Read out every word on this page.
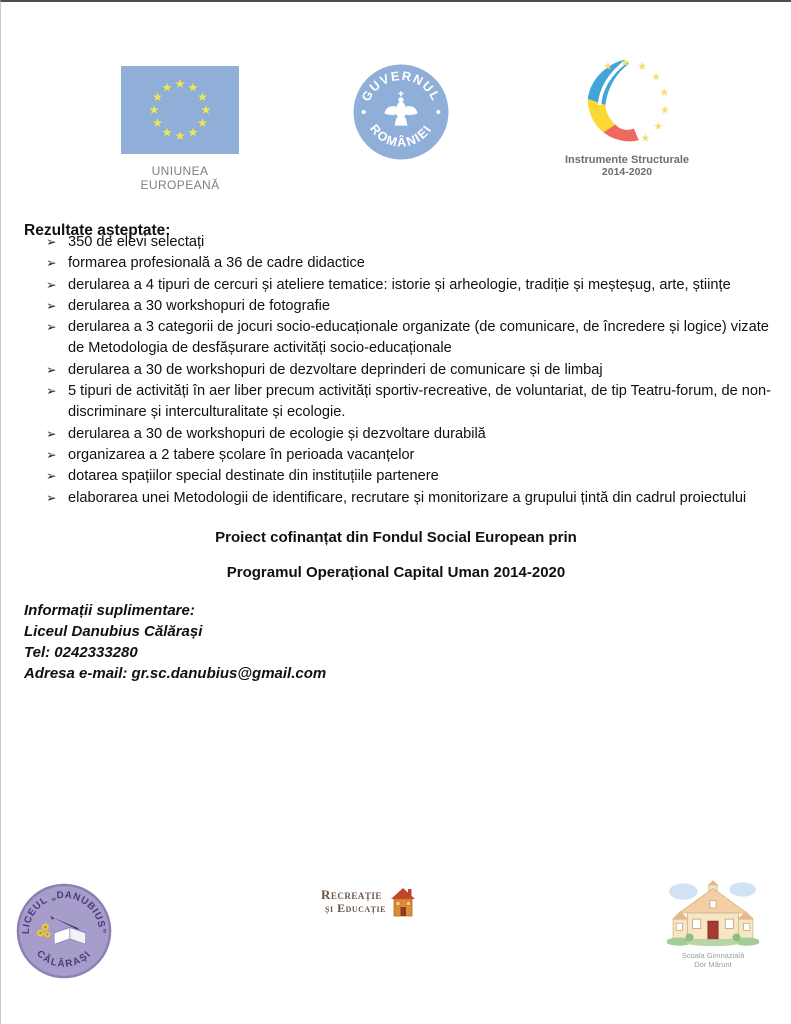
UNIUNEA EUROPEANĂ
GUVERNUL
ROMÂNIEI
Instrumente Structurale
2014-2020
Rezultate așteptate:
➢ 350 de elevi selectați
➢ formarea profesională a 36 de cadre didactice
➢ derularea a 4 tipuri de cercuri și ateliere tematice: istorie și arheologie, tradiție și meșteșug, arte, științe
➢ derularea a 30 workshopuri de fotografie
➢ derularea a 3 categorii de jocuri socio-educaționale organizate (de comunicare, de încredere și logice) vizate de Metodologia de desfășurare activități socio-educaționale
➢ derularea a 30 de workshopuri de dezvoltare deprinderi de comunicare și de limbaj
➢ 5 tipuri de activități în aer liber precum activități sportiv-recreative, de voluntariat, de tip Teatru-forum, de non-discriminare și interculturalitate și ecologie.
➢ derularea a 30 de workshopuri de ecologie și dezvoltare durabilă
➢ organizarea a 2 tabere școlare în perioada vacanțelor
➢ dotarea spațiilor special destinate din instituțiile partenere
➢ elaborarea unei Metodologii de identificare, recrutare și monitorizare a grupului țintă din cadrul proiectului
Proiect cofinanțat din Fondul Social European prin
Programul Operațional Capital Uman 2014-2020
Informații suplimentare:
Liceul Danubius Călărași
Tel: 0242333280
Adresa e-mail: gr.sc.danubius@gmail.com
LICEUL „DANUBIUS”
CĂLĂRAȘI
Recreație
și Educație
Școala Gimnazială
Dor Mărunt
